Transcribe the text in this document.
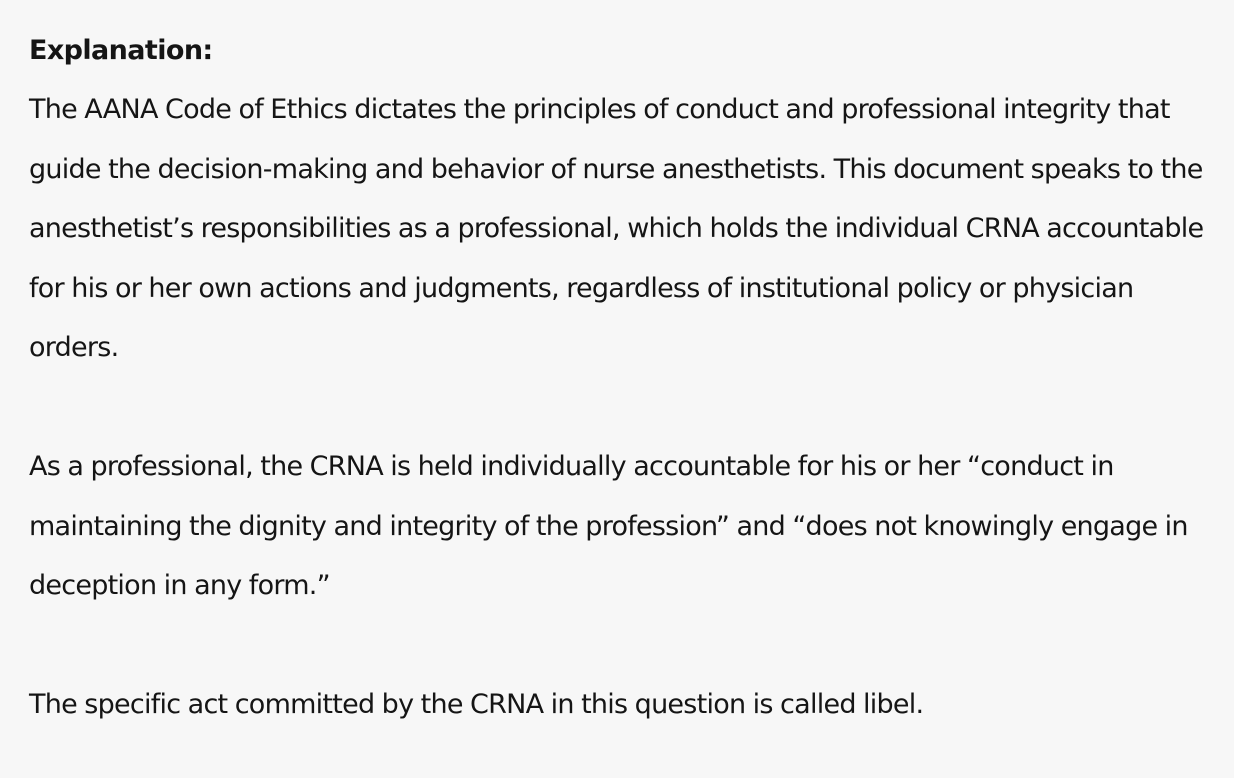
Explanation:

The AANA Code of Ethics dictates the principles of conduct and professional integrity that guide the decision-making and behavior of nurse anesthetists. This document speaks to the anesthetist’s responsibilities as a professional, which holds the individual CRNA accountable for his or her own actions and judgments, regardless of institutional policy or physician orders.

As a professional, the CRNA is held individually accountable for his or her “conduct in maintaining the dignity and integrity of the profession” and “does not knowingly engage in deception in any form.”

The specific act committed by the CRNA in this question is called libel.
